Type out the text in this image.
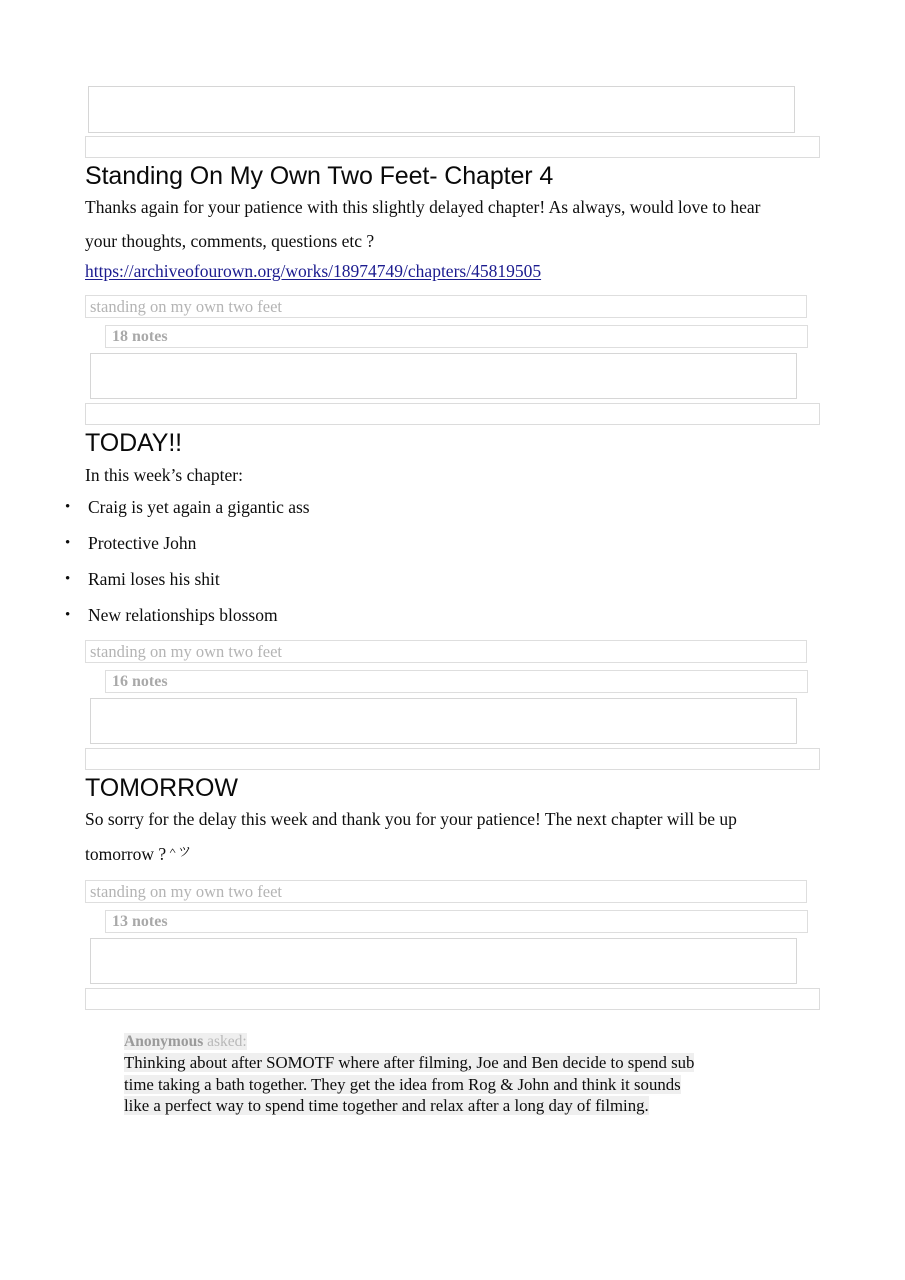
Standing On My Own Two Feet- Chapter 4
Thanks again for your patience with this slightly delayed chapter! As always, would love to hear your thoughts, comments, questions etc ?
https://archiveofourown.org/works/18974749/chapters/45819505
standing on my own two feet
18 notes
TODAY!!
In this week’s chapter:
• Craig is yet again a gigantic ass
• Protective John
• Rami loses his shit
• New relationships blossom
standing on my own two feet
16 notes
TOMORROW
So sorry for the delay this week and thank you for your patience! The next chapter will be up tomorrow ?$^{\^{}ツ}$
standing on my own two feet
13 notes
Anonymous asked:
Thinking about after SOMOTF where after filming, Joe and Ben decide to spend sub time taking a bath together. They get the idea from Rog & John and think it sounds like a perfect way to spend time together and relax after a long day of filming.
